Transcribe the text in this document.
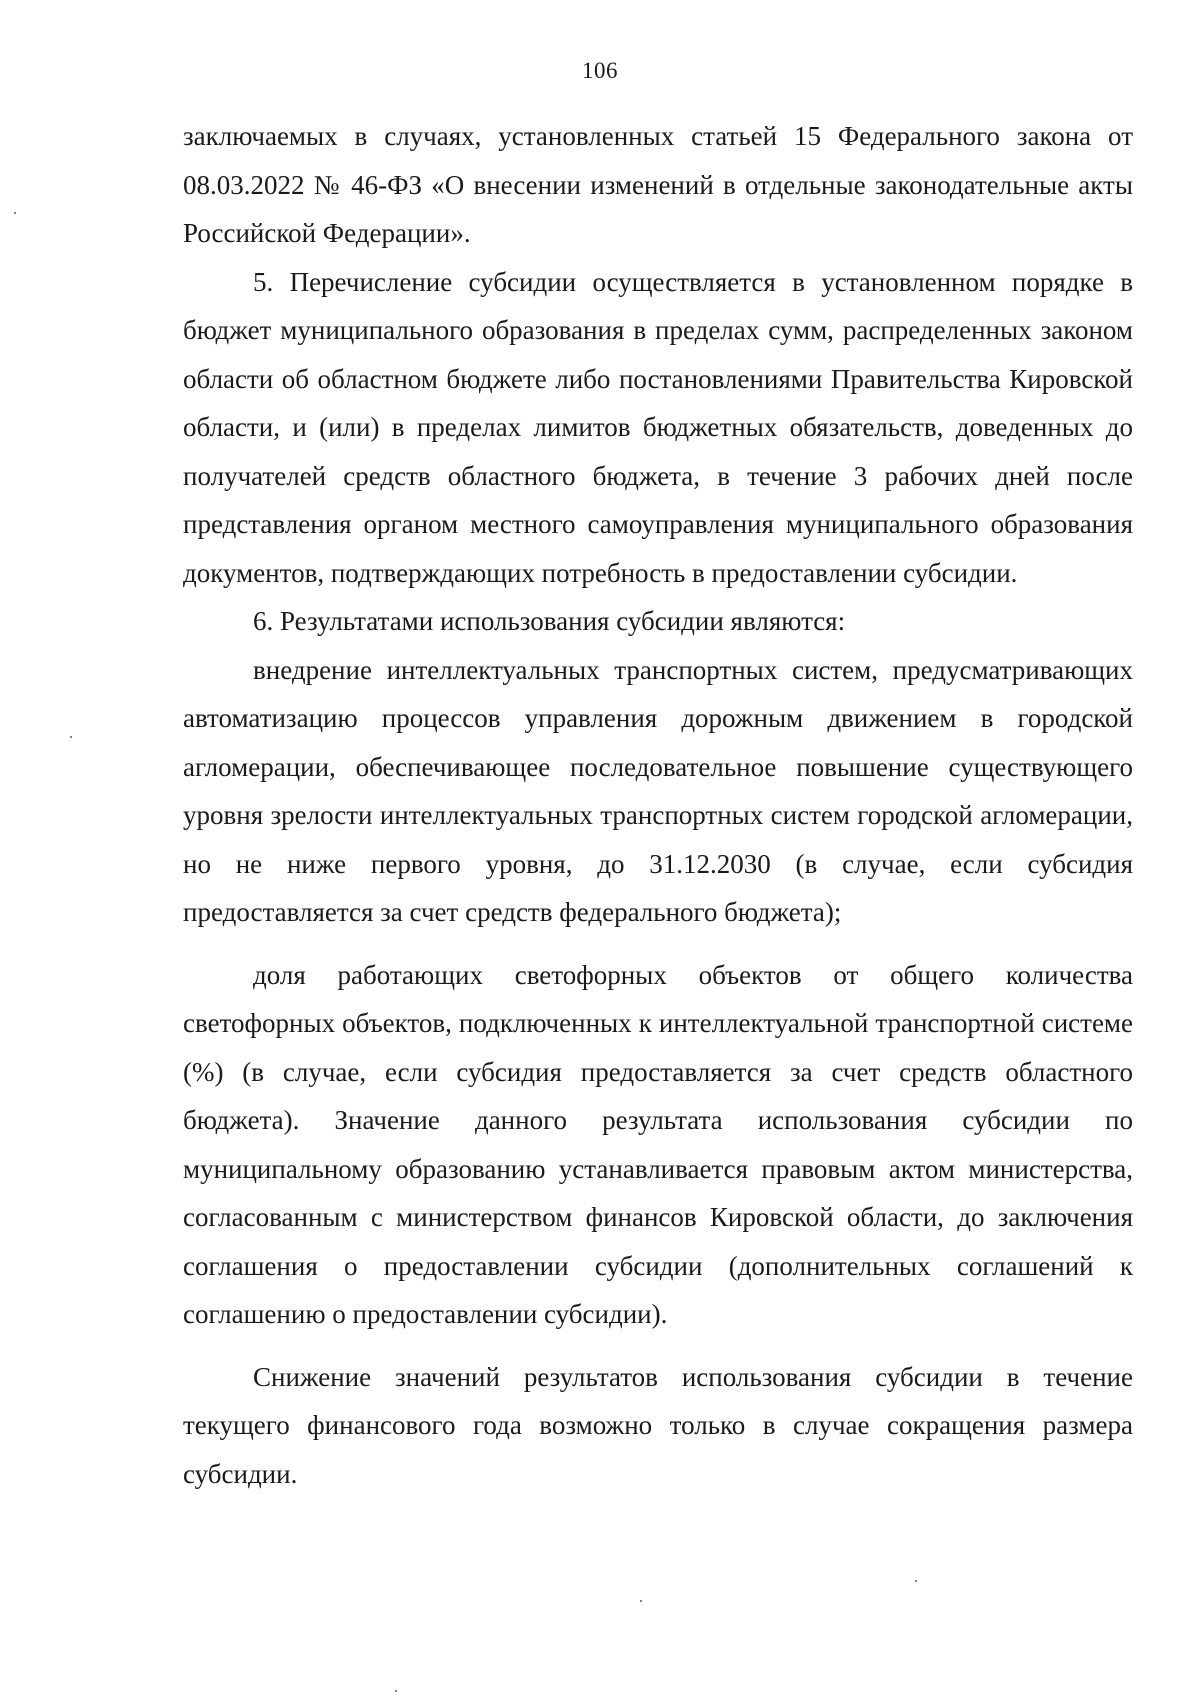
106

заключаемых в случаях, установленных статьей 15 Федерального закона от 08.03.2022 № 46-ФЗ «О внесении изменений в отдельные законодательные акты Российской Федерации».

5. Перечисление субсидии осуществляется в установленном порядке в бюджет муниципального образования в пределах сумм, распределенных законом области об областном бюджете либо постановлениями Правительства Кировской области, и (или) в пределах лимитов бюджетных обязательств, доведенных до получателей средств областного бюджета, в течение 3 рабочих дней после представления органом местного самоуправления муниципального образования документов, подтверждающих потребность в предоставлении субсидии.

6. Результатами использования субсидии являются:

внедрение интеллектуальных транспортных систем, предусматривающих автоматизацию процессов управления дорожным движением в городской агломерации, обеспечивающее последовательное повышение существующего уровня зрелости интеллектуальных транспортных систем городской агломерации, но не ниже первого уровня, до 31.12.2030 (в случае, если субсидия предоставляется за счет средств федерального бюджета);

доля работающих светофорных объектов от общего количества светофорных объектов, подключенных к интеллектуальной транспортной системе (%) (в случае, если субсидия предоставляется за счет средств областного бюджета). Значение данного результата использования субсидии по муниципальному образованию устанавливается правовым актом министерства, согласованным с министерством финансов Кировской области, до заключения соглашения о предоставлении субсидии (дополнительных соглашений к соглашению о предоставлении субсидии).

Снижение значений результатов использования субсидии в течение текущего финансового года возможно только в случае сокращения размера субсидии.
